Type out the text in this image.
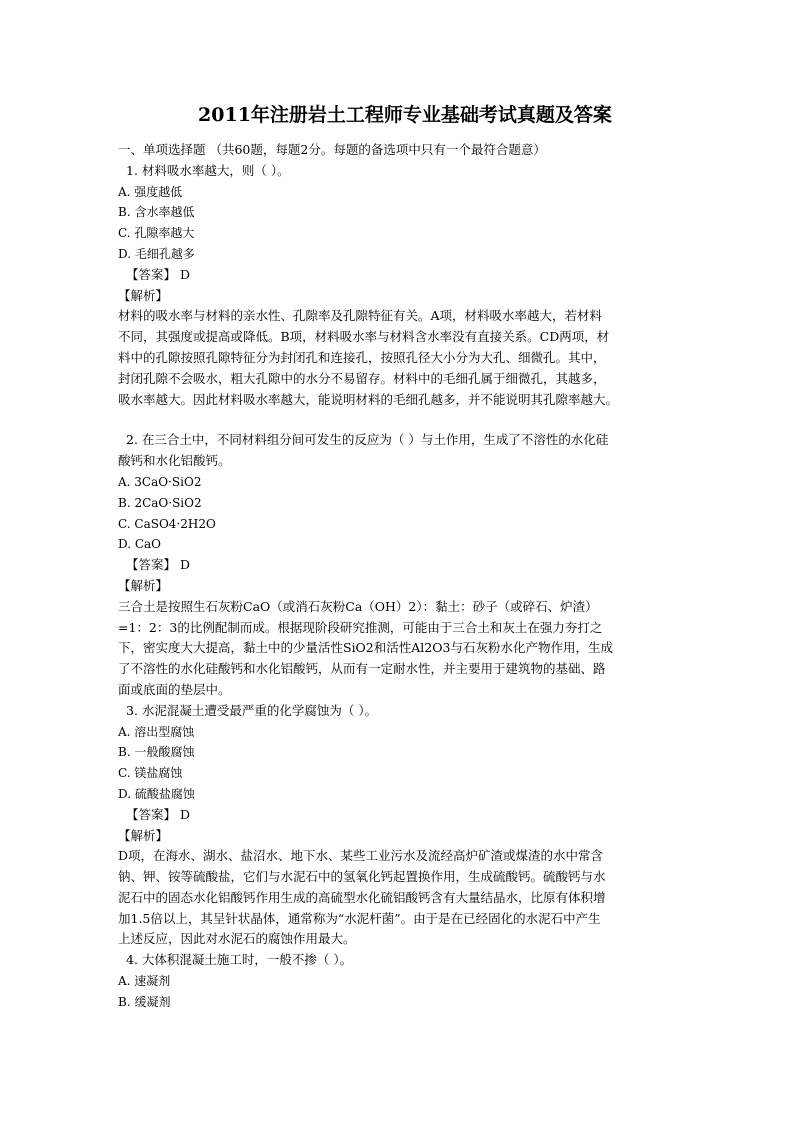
2011年注册岩土工程师专业基础考试真题及答案
一、单项选择题 （共60题，每题2分。每题的备选项中只有一个最符合题意）
1. 材料吸水率越大，则（ ）。
A. 强度越低
B. 含水率越低
C. 孔隙率越大
D. 毛细孔越多
【答案】 D
【解析】
材料的吸水率与材料的亲水性、孔隙率及孔隙特征有关。A项，材料吸水率越大，若材料
不同，其强度或提高或降低。B项，材料吸水率与材料含水率没有直接关系。CD两项，材
料中的孔隙按照孔隙特征分为封闭孔和连接孔，按照孔径大小分为大孔、细微孔。其中，
封闭孔隙不会吸水，粗大孔隙中的水分不易留存。材料中的毛细孔属于细微孔，其越多，
吸水率越大。因此材料吸水率越大，能说明材料的毛细孔越多，并不能说明其孔隙率越大。
2. 在三合土中，不同材料组分间可发生的反应为（ ）与土作用，生成了不溶性的水化硅
酸钙和水化铝酸钙。
A. 3CaO·SiO2
B. 2CaO·SiO2
C. CaSO4·2H2O
D. CaO
【答案】 D
【解析】
三合土是按照生石灰粉CaO（或消石灰粉Ca（OH）2）：黏土：砂子（或碎石、炉渣）
=1：2：3的比例配制而成。根据现阶段研究推测，可能由于三合土和灰土在强力夯打之
下，密实度大大提高，黏土中的少量活性SiO2和活性Al2O3与石灰粉水化产物作用，生成
了不溶性的水化硅酸钙和水化铝酸钙，从而有一定耐水性，并主要用于建筑物的基础、路
面或底面的垫层中。
3. 水泥混凝土遭受最严重的化学腐蚀为（ ）。
A. 溶出型腐蚀
B. 一般酸腐蚀
C. 镁盐腐蚀
D. 硫酸盐腐蚀
【答案】 D
【解析】
D项，在海水、湖水、盐沼水、地下水、某些工业污水及流经高炉矿渣或煤渣的水中常含
钠、钾、铵等硫酸盐，它们与水泥石中的氢氧化钙起置换作用，生成硫酸钙。硫酸钙与水
泥石中的固态水化铝酸钙作用生成的高硫型水化硫铝酸钙含有大量结晶水，比原有体积增
加1.5倍以上，其呈针状晶体，通常称为“水泥杆菌”。由于是在已经固化的水泥石中产生
上述反应，因此对水泥石的腐蚀作用最大。
4. 大体积混凝土施工时，一般不掺（ ）。
A. 速凝剂
B. 缓凝剂
